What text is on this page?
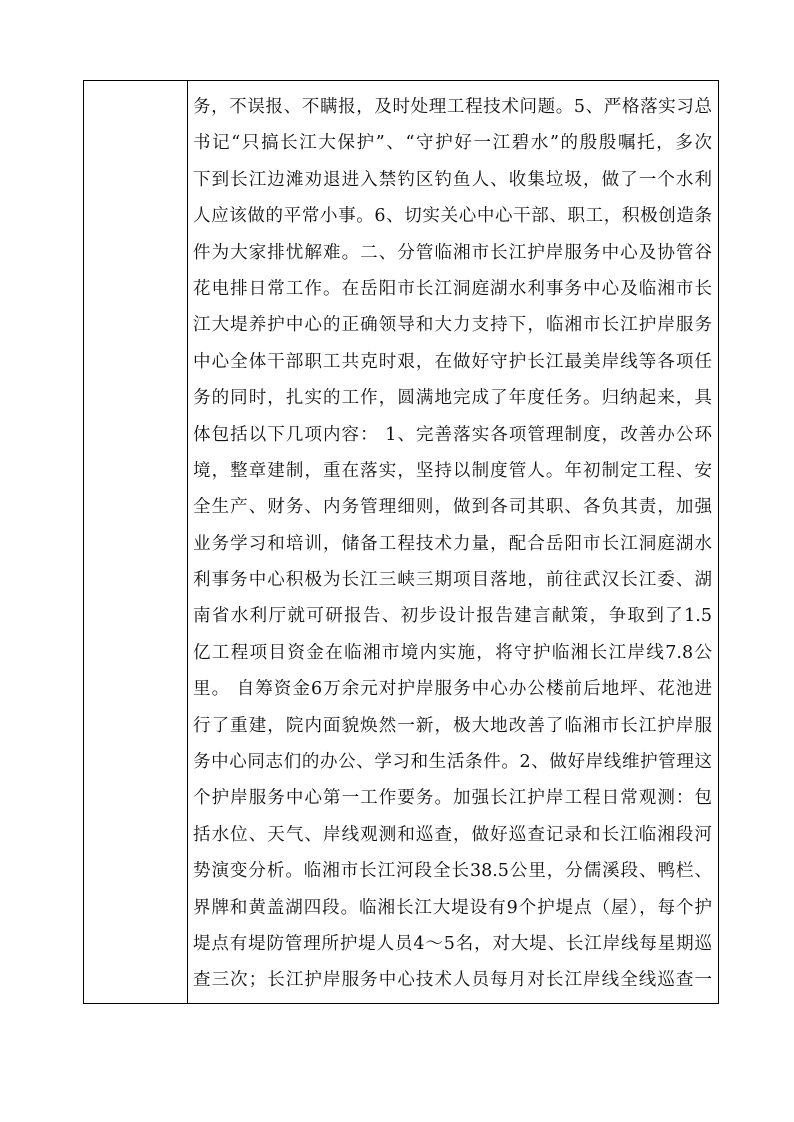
务，不误报、不瞒报，及时处理工程技术问题。5、严格落实习总
书记“只搞长江大保护”、“守护好一江碧水”的殷殷嘱托，多次
下到长江边滩劝退进入禁钓区钓鱼人、收集垃圾，做了一个水利
人应该做的平常小事。6、切实关心中心干部、职工，积极创造条
件为大家排忧解难。二、分管临湘市长江护岸服务中心及协管谷
花电排日常工作。在岳阳市长江洞庭湖水利事务中心及临湘市长
江大堤养护中心的正确领导和大力支持下，临湘市长江护岸服务
中心全体干部职工共克时艰，在做好守护长江最美岸线等各项任
务的同时，扎实的工作，圆满地完成了年度任务。归纳起来，具
体包括以下几项内容： 1、完善落实各项管理制度，改善办公环
境，整章建制，重在落实，坚持以制度管人。年初制定工程、安
全生产、财务、内务管理细则，做到各司其职、各负其责，加强
业务学习和培训，储备工程技术力量，配合岳阳市长江洞庭湖水
利事务中心积极为长江三峡三期项目落地，前往武汉长江委、湖
南省水利厅就可研报告、初步设计报告建言献策，争取到了1.5
亿工程项目资金在临湘市境内实施，将守护临湘长江岸线7.8公
里。 自筹资金6万余元对护岸服务中心办公楼前后地坪、花池进
行了重建，院内面貌焕然一新，极大地改善了临湘市长江护岸服
务中心同志们的办公、学习和生活条件。2、做好岸线维护管理这
个护岸服务中心第一工作要务。加强长江护岸工程日常观测：包
括水位、天气、岸线观测和巡查，做好巡查记录和长江临湘段河
势演变分析。临湘市长江河段全长38.5公里，分儒溪段、鸭栏、
界牌和黄盖湖四段。临湘长江大堤设有9个护堤点（屋），每个护
堤点有堤防管理所护堤人员4～5名，对大堤、长江岸线每星期巡
查三次；长江护岸服务中心技术人员每月对长江岸线全线巡查一
